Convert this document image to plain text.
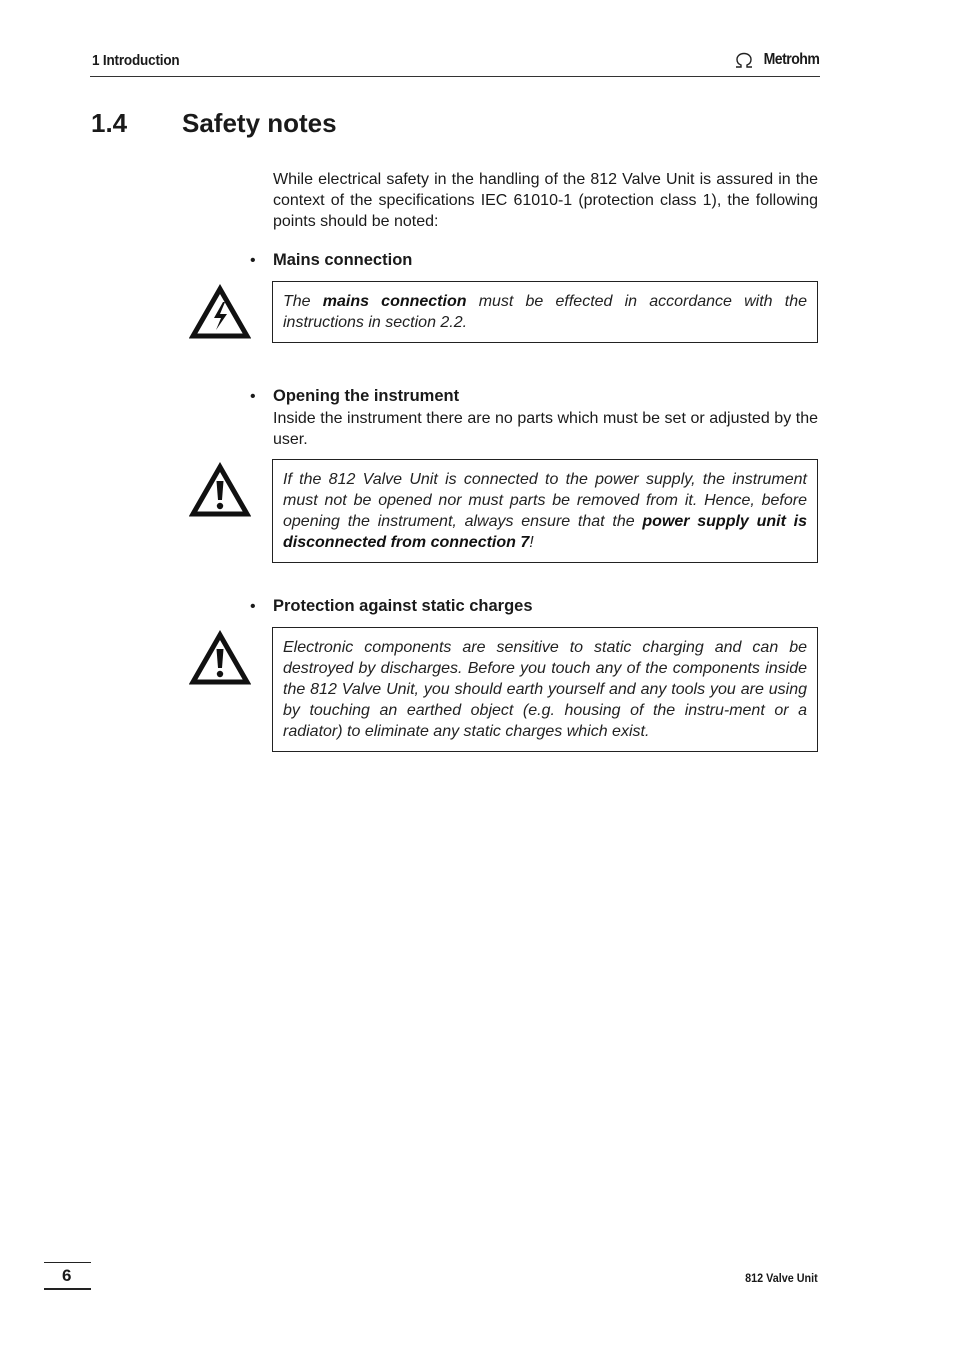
1 Introduction	Metrohm
1.4 Safety notes
While electrical safety in the handling of the 812 Valve Unit is assured in the context of the specifications IEC 61010-1 (protection class 1), the following points should be noted:
•	Mains connection
The mains connection must be effected in accordance with the instructions in section 2.2.
•	Opening the instrument
Inside the instrument there are no parts which must be set or adjusted by the user.
If the 812 Valve Unit is connected to the power supply, the instrument must not be opened nor must parts be removed from it. Hence, before opening the instrument, always ensure that the power supply unit is disconnected from connection 7!
•	Protection against static charges
Electronic components are sensitive to static charging and can be destroyed by discharges. Before you touch any of the components inside the 812 Valve Unit, you should earth yourself and any tools you are using by touching an earthed object (e.g. housing of the instru-ment or a radiator) to eliminate any static charges which exist.
6	812 Valve Unit
